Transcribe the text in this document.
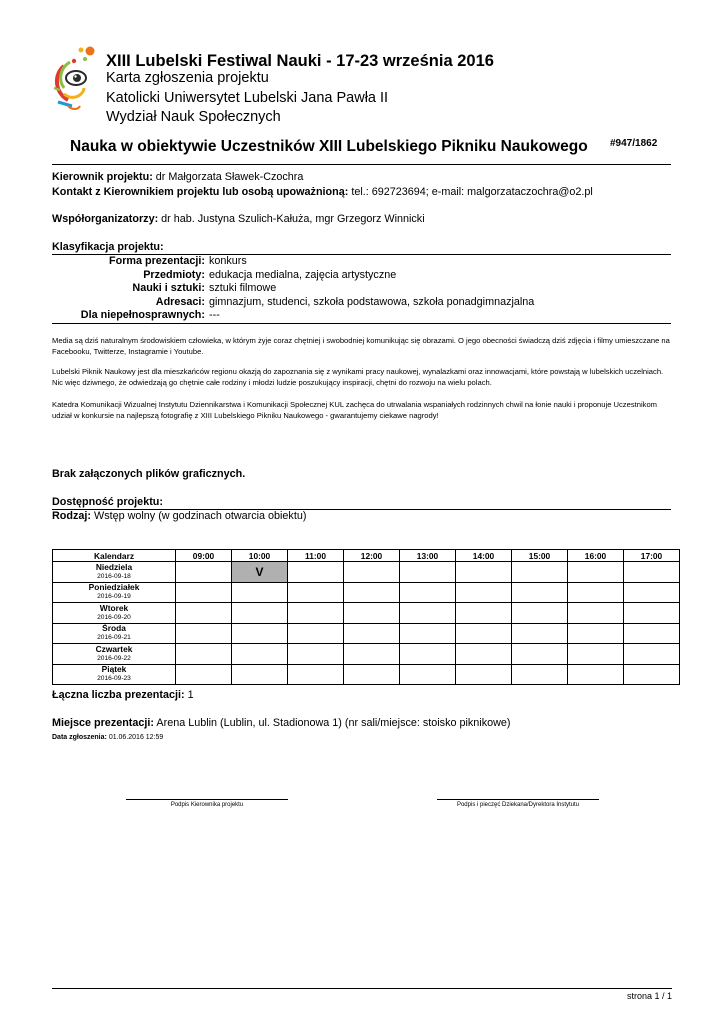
XIII Lubelski Festiwal Nauki - 17-23 września 2016
Karta zgłoszenia projektu
Katolicki Uniwersytet Lubelski Jana Pawła II
Wydział Nauk Społecznych
Nauka w obiektywie Uczestników XIII Lubelskiego Pikniku Naukowego #947/1862
Kierownik projektu: dr Małgorzata Sławek-Czochra
Kontakt z Kierownikiem projektu lub osobą upoważnioną: tel.: 692723694; e-mail: malgorzataczochra@o2.pl
Współorganizatorzy: dr hab. Justyna Szulich-Kałuża, mgr Grzegorz Winnicki
Klasyfikacja projektu:
Forma prezentacji: konkurs
Przedmioty: edukacja medialna, zajęcia artystyczne
Nauki i sztuki: sztuki filmowe
Adresaci: gimnazjum, studenci, szkoła podstawowa, szkoła ponadgimnazjalna
Dla niepełnosprawnych: ---
Media są dziś naturalnym środowiskiem człowieka, w którym żyje coraz chętniej i swobodniej komunikując się obrazami. O jego obecności świadczą dziś zdjęcia i filmy umieszczane na Facebooku, Twitterze, Instagramie i Youtube.
Lubelski Piknik Naukowy jest dla mieszkańców regionu okazją do zapoznania się z wynikami pracy naukowej, wynalazkami oraz innowacjami, które powstają w lubelskich uczelniach. Nic więc dziwnego, że odwiedzają go chętnie całe rodziny i młodzi ludzie poszukujący inspiracji, chętni do rozwoju na wielu polach.
Katedra Komunikacji Wizualnej Instytutu Dziennikarstwa i Komunikacji Społecznej KUL zachęca do utrwalania wspaniałych rodzinnych chwil na łonie nauki i proponuje Uczestnikom udział w konkursie na najlepszą fotografię z XIII Lubelskiego Pikniku Naukowego - gwarantujemy ciekawe nagrody!
Brak załączonych plików graficznych.
Dostępność projektu:
Rodzaj: Wstęp wolny (w godzinach otwarcia obiektu)
Kalendarz	09:00	10:00	11:00	12:00	13:00	14:00	15:00	16:00	17:00

Niedziela
2016-09-18		V							

Poniedziałek
2016-09-19									

Wtorek
2016-09-20									

Środa
2016-09-21									

Czwartek
2016-09-22									

Piątek
2016-09-23									

Łączna liczba prezentacji: 1
Miejsce prezentacji: Arena Lublin (Lublin, ul. Stadionowa 1) (nr sali/miejsce: stoisko piknikowe)
Data zgłoszenia: 01.06.2016 12:59
Podpis Kierownika projektu	Podpis i pieczęć Dziekana/Dyrektora Instytutu
strona 1 / 1
